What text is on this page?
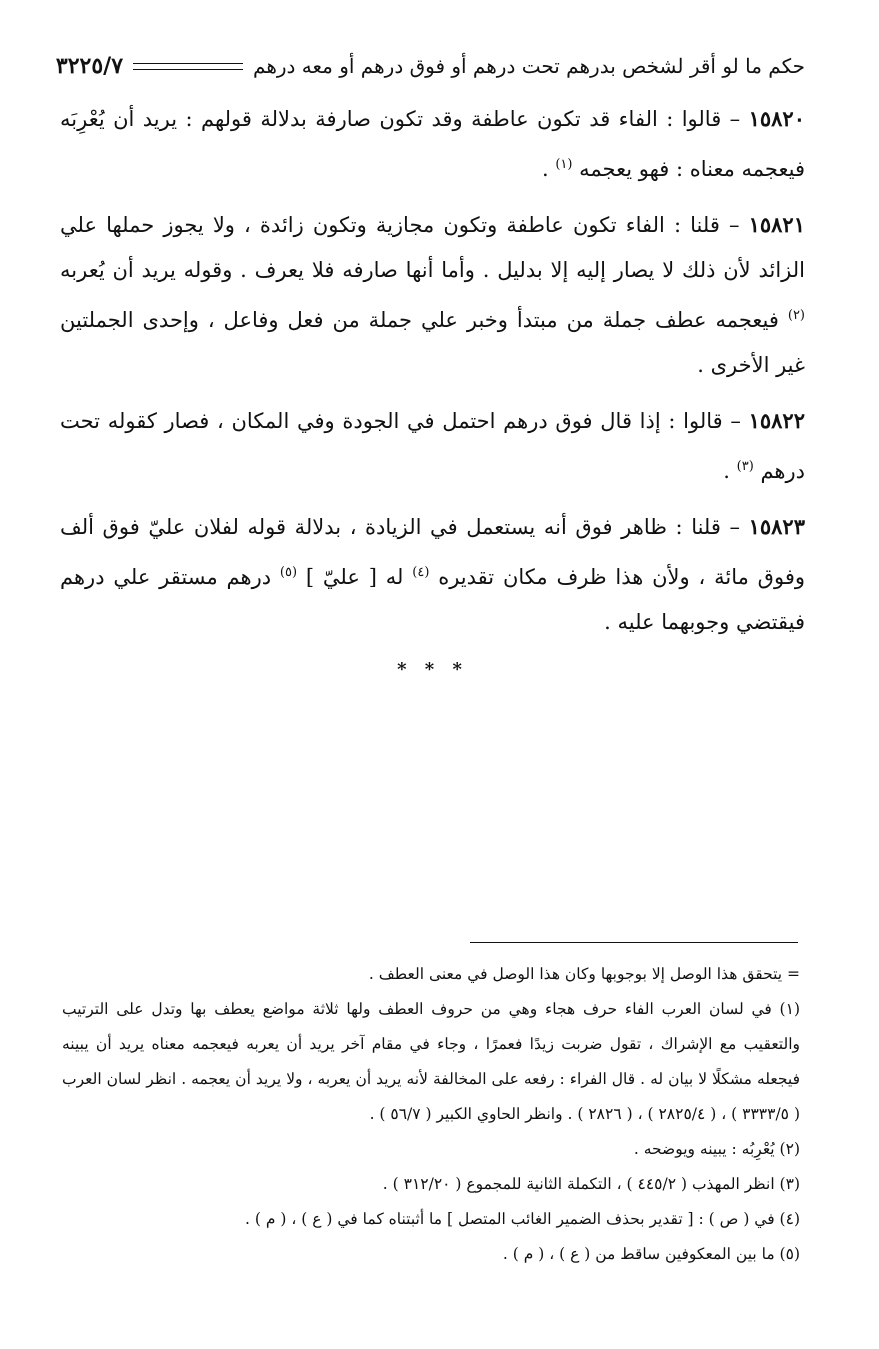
حكم ما لو أقر لشخص بدرهم تحت درهم أو فوق درهم أو معه درهم
٣٢٢٥/٧

١٥٨٢٠ – قالوا : الفاء قد تكون عاطفة وقد تكون صارفة بدلالة قولهم : يريد أن يُعْرِبَه فيعجمه معناه : فهو يعجمه $^{(١)}$ .

١٥٨٢١ – قلنا : الفاء تكون عاطفة وتكون مجازية وتكون زائدة ، ولا يجوز حملها علي الزائد لأن ذلك لا يصار إليه إلا بدليل . وأما أنها صارفه فلا يعرف . وقوله يريد أن يُعربه $^{(٢)}$ فيعجمه عطف جملة من مبتدأ وخبر علي جملة من فعل وفاعل ، وإحدى الجملتين غير الأخرى .

١٥٨٢٢ – قالوا : إذا قال فوق درهم احتمل في الجودة وفي المكان ، فصار كقوله تحت درهم $^{(٣)}$ .

١٥٨٢٣ – قلنا : ظاهر فوق أنه يستعمل في الزيادة ، بدلالة قوله لفلان عليّ فوق ألف وفوق مائة ، ولأن هذا ظرف مكان تقديره $^{(٤)}$ له [ عليّ ] $^{(٥)}$ درهم مستقر علي درهم فيقتضي وجوبهما عليه .

* * *

= يتحقق هذا الوصل إلا بوجوبها وكان هذا الوصل في معنى العطف .

(١) في لسان العرب الفاء حرف هجاء وهي من حروف العطف ولها ثلاثة مواضع يعطف بها وتدل على الترتيب والتعقيب مع الإشراك ، تقول ضربت زيدًا فعمرًا ، وجاء في مقام آخر يريد أن يعربه فيعجمه معناه يريد أن يبينه فيجعله مشكلًا لا بيان له . قال الفراء : رفعه على المخالفة لأنه يريد أن يعربه ، ولا يريد أن يعجمه . انظر لسان العرب ( ٣٣٣٣/٥ ) ، ( ٢٨٢٥/٤ ) ، ( ٢٨٢٦ ) . وانظر الحاوي الكبير ( ٥٦/٧ ) .

(٢) يُعْرِبُه : يبينه ويوضحه .

(٣) انظر المهذب ( ٤٤٥/٢ ) ، التكملة الثانية للمجموع ( ٣١٢/٢٠ ) .

(٤) في ( ص ) : [ تقدير بحذف الضمير الغائب المتصل ] ما أثبتناه كما في ( ع ) ، ( م ) .

(٥) ما بين المعكوفين ساقط من ( ع ) ، ( م ) .
